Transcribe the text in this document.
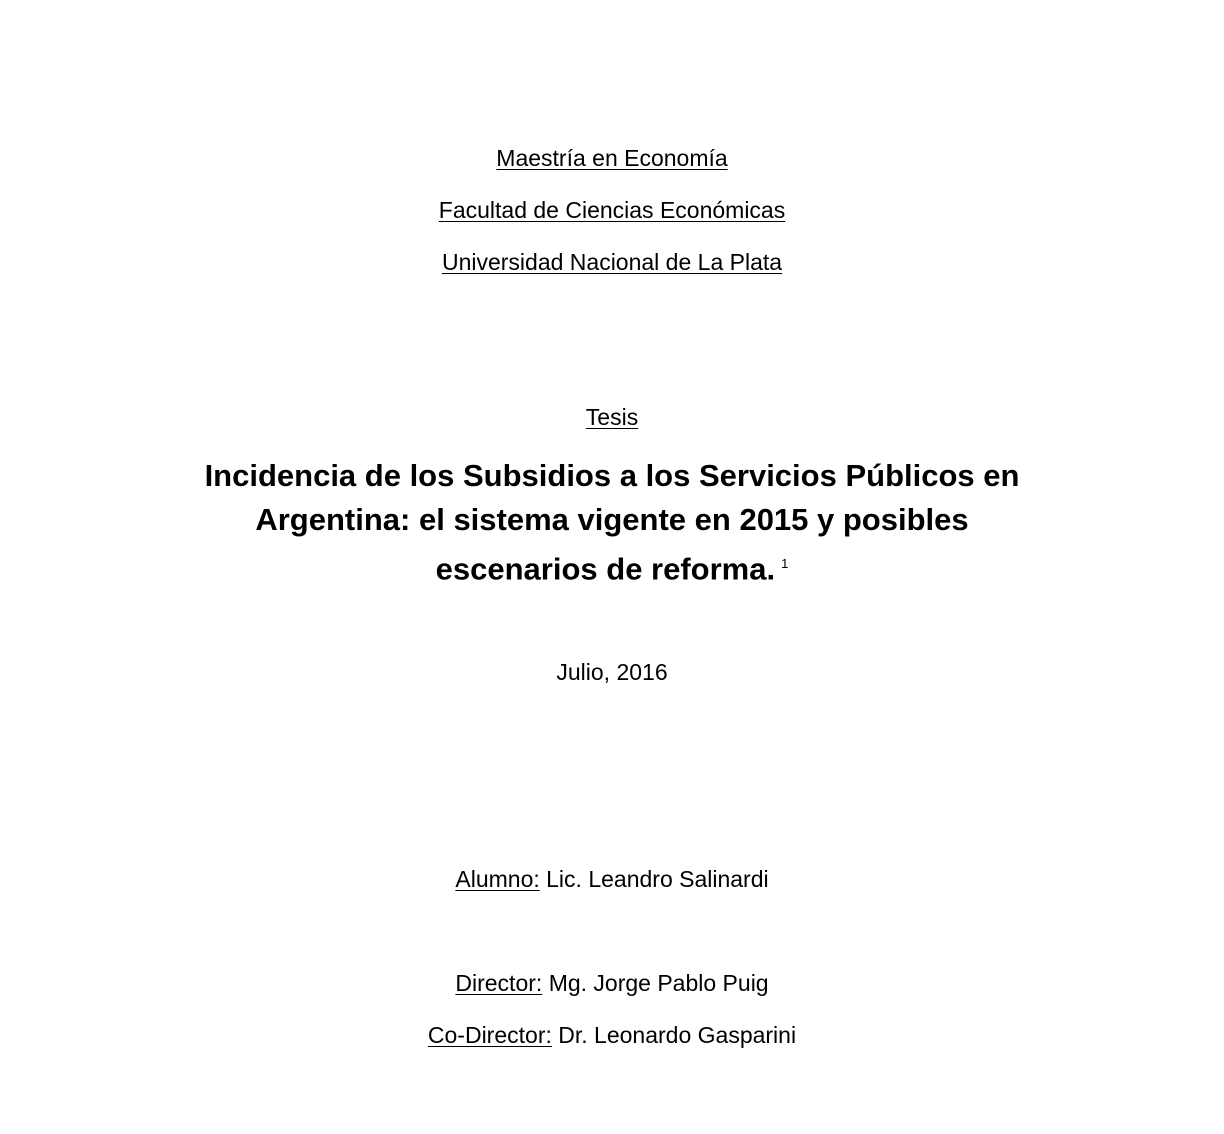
Maestría en Economía
Facultad de Ciencias Económicas
Universidad Nacional de La Plata
Tesis
Incidencia de los Subsidios a los Servicios Públicos en
Argentina: el sistema vigente en 2015 y posibles
escenarios de reforma. $^1$
Julio, 2016
Alumno: Lic. Leandro Salinardi
Director: Mg. Jorge Pablo Puig
Co-Director: Dr. Leonardo Gasparini
